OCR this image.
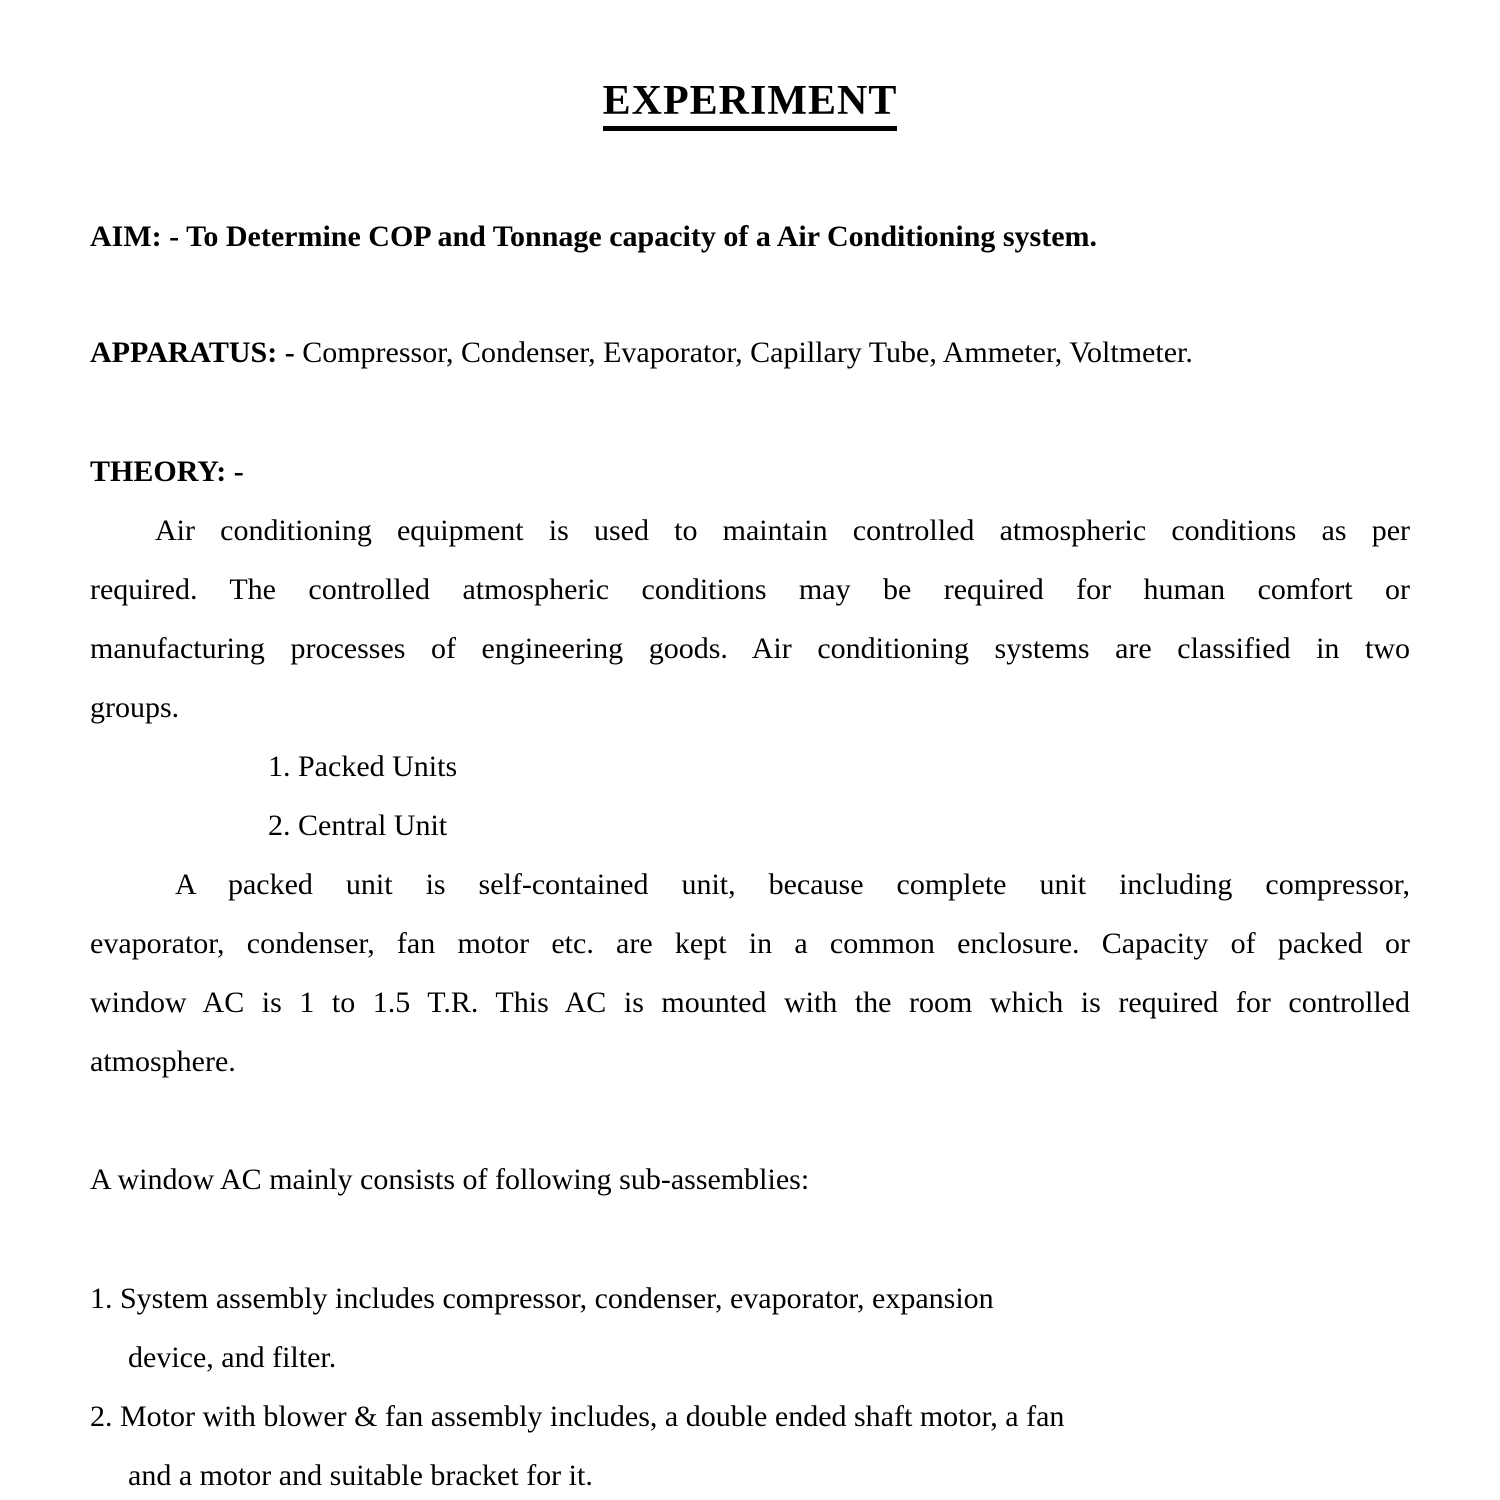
EXPERIMENT
AIM: - To Determine COP and Tonnage capacity of a Air Conditioning system.
APPARATUS: - Compressor, Condenser, Evaporator, Capillary Tube, Ammeter, Voltmeter.
THEORY: -
Air conditioning equipment is used to maintain controlled atmospheric conditions as per
required. The controlled atmospheric conditions may be required for human comfort or
manufacturing processes of engineering goods. Air conditioning systems are classified in two
groups.
1. Packed Units
2. Central Unit
A packed unit is self-contained unit, because complete unit including compressor,
evaporator, condenser, fan motor etc. are kept in a common enclosure. Capacity of packed or
window AC is 1 to 1.5 T.R. This AC is mounted with the room which is required for controlled
atmosphere.
A window AC mainly consists of following sub-assemblies:
1. System assembly includes compressor, condenser, evaporator, expansion
device, and filter.
2. Motor with blower & fan assembly includes, a double ended shaft motor, a fan
and a motor and suitable bracket for it.
